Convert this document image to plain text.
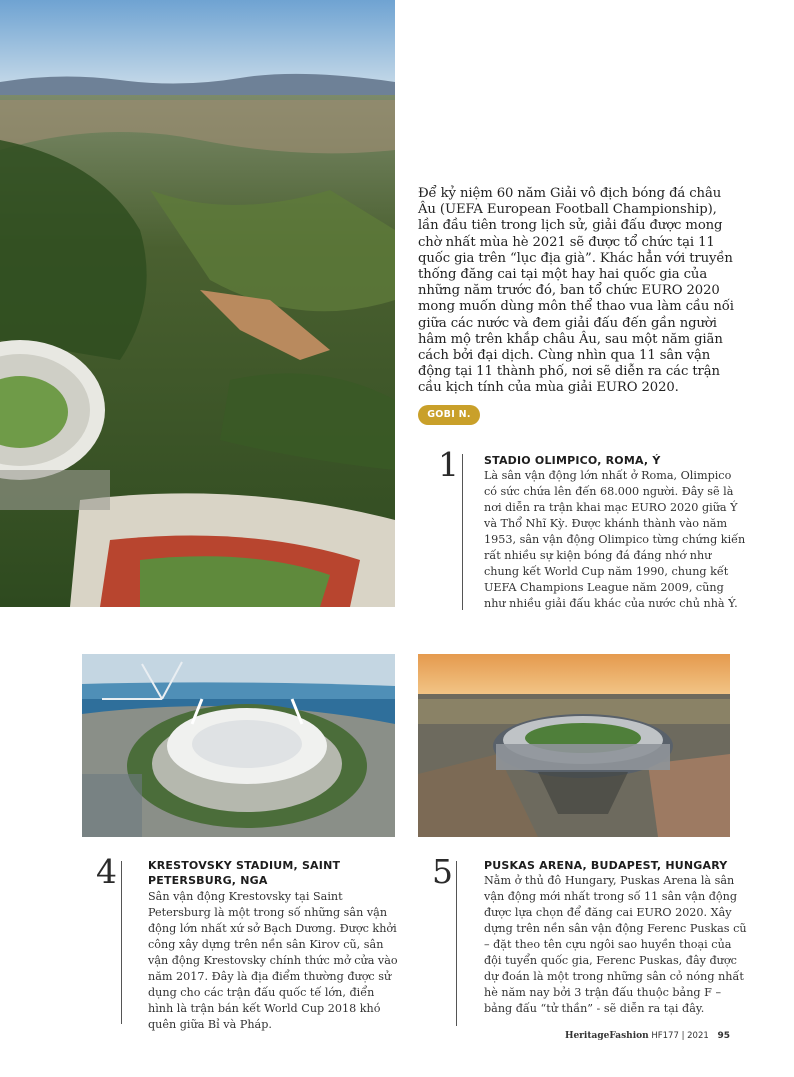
Để kỷ niệm 60 năm Giải vô địch bóng đá châu Âu (UEFA European Football Championship), lần đầu tiên trong lịch sử, giải đấu được mong chờ nhất mùa hè 2021 sẽ được tổ chức tại 11 quốc gia trên “lục địa già”. Khác hẳn với truyền thống đăng cai tại một hay hai quốc gia của những năm trước đó, ban tổ chức EURO 2020 mong muốn dùng môn thể thao vua làm cầu nối giữa các nước và đem giải đấu đến gần người hâm mộ trên khắp châu Âu, sau một năm giãn cách bởi đại dịch. Cùng nhìn qua 11 sân vận động tại 11 thành phố, nơi sẽ diễn ra các trận cầu kịch tính của mùa giải EURO 2020.
GOBI N.
1 STADIO OLIMPICO, ROMA, Ý
Là sân vận động lớn nhất ở Roma, Olimpico có sức chứa lên đến 68.000 người. Đây sẽ là nơi diễn ra trận khai mạc EURO 2020 giữa Ý và Thổ Nhĩ Kỳ. Được khánh thành vào năm 1953, sân vận động Olimpico từng chứng kiến rất nhiều sự kiện bóng đá đáng nhớ như chung kết World Cup năm 1990, chung kết UEFA Champions League năm 2009, cũng như nhiều giải đấu khác của nước chủ nhà Ý.
4	KRESTOVSKY STADIUM, SAINT PETERSBURG, NGA
Sân vận động Krestovsky tại Saint Petersburg là một trong số những sân vận động lớn nhất xứ sở Bạch Dương. Được khởi công xây dựng trên nền sân Kirov cũ, sân vận động Krestovsky chính thức mở cửa vào năm 2017. Đây là địa điểm thường được sử dụng cho các trận đấu quốc tế lớn, điển hình là trận bán kết World Cup 2018 khó quên giữa Bỉ và Pháp.
5	PUSKAS ARENA, BUDAPEST, HUNGARY
Nằm ở thủ đô Hungary, Puskas Arena là sân vận động mới nhất trong số 11 sân vận động được lựa chọn để đăng cai EURO 2020. Xây dựng trên nền sân vận động Ferenc Puskas cũ – đặt theo tên cựu ngôi sao huyền thoại của đội tuyển quốc gia, Ferenc Puskas, đây được dự đoán là một trong những sân cỏ nóng nhất hè năm nay bởi 3 trận đấu thuộc bảng F – bảng đấu “tử thần” - sẽ diễn ra tại đây.
HeritageFashion HF177 | 2021 95
